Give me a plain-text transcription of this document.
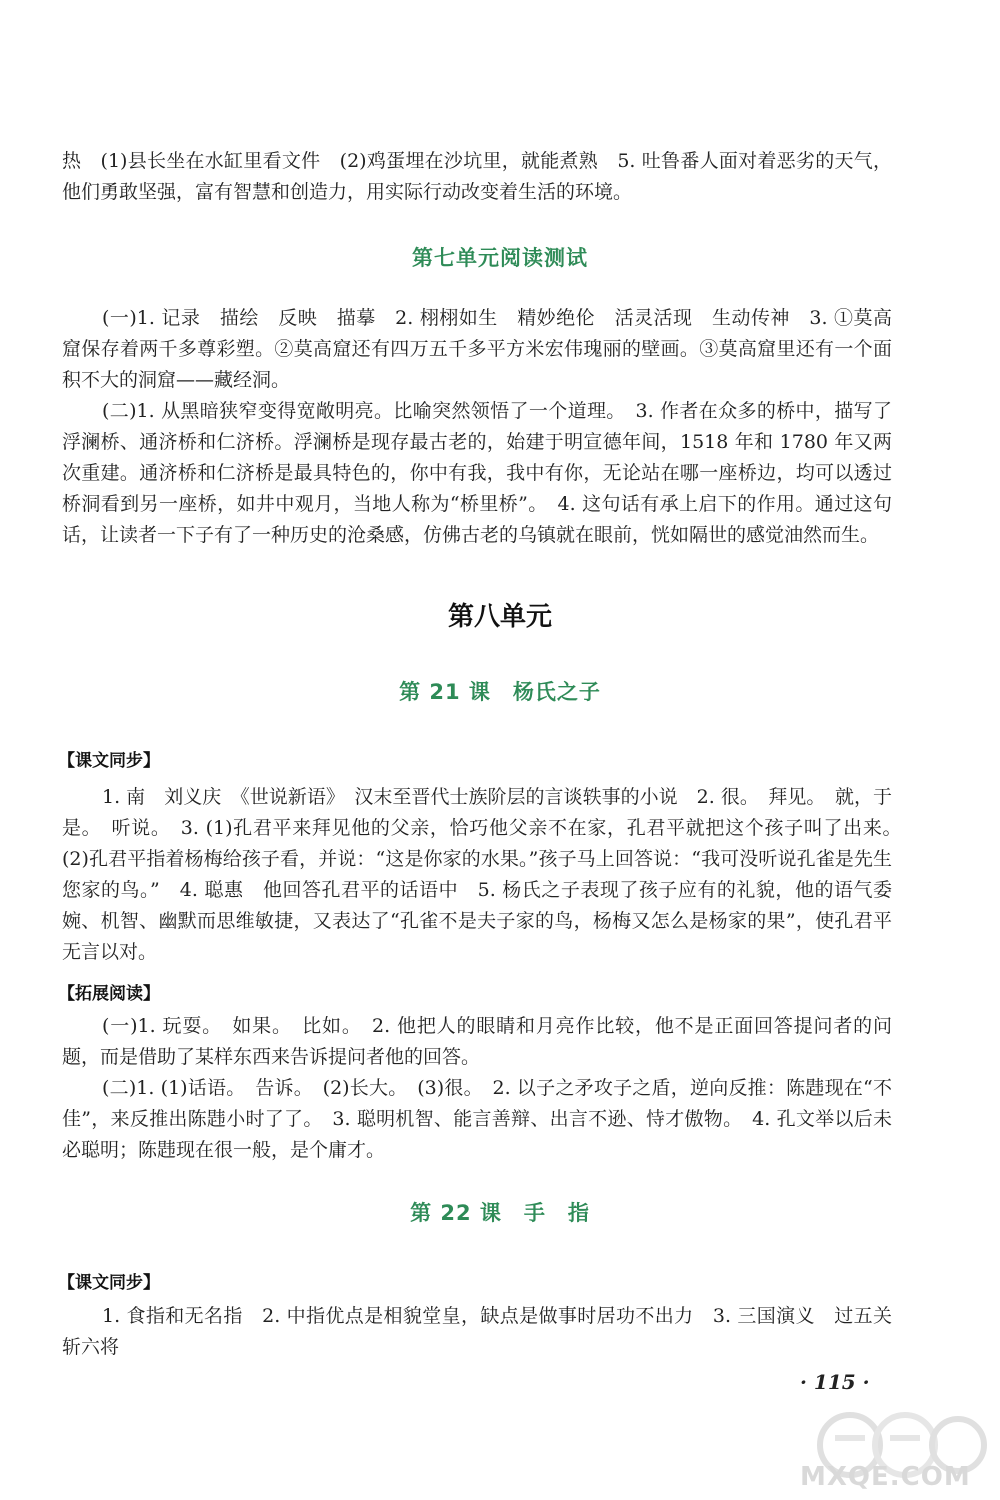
热　(1)县长坐在水缸里看文件　(2)鸡蛋埋在沙坑里，就能煮熟　5. 吐鲁番人面对着恶劣的天气，他们勇敢坚强，富有智慧和创造力，用实际行动改变着生活的环境。

第七单元阅读测试

(一)1. 记录　描绘　反映　描摹　2. 栩栩如生　精妙绝伦　活灵活现　生动传神　3. ①莫高窟保存着两千多尊彩塑。②莫高窟还有四万五千多平方米宏伟瑰丽的壁画。③莫高窟里还有一个面积不大的洞窟——藏经洞。

(二)1. 从黑暗狭窄变得宽敞明亮。比喻突然领悟了一个道理。　3. 作者在众多的桥中，描写了浮澜桥、通济桥和仁济桥。浮澜桥是现存最古老的，始建于明宣德年间，1518 年和 1780 年又两次重建。通济桥和仁济桥是最具特色的，你中有我，我中有你，无论站在哪一座桥边，均可以透过桥洞看到另一座桥，如井中观月，当地人称为“桥里桥”。　4. 这句话有承上启下的作用。通过这句话，让读者一下子有了一种历史的沧桑感，仿佛古老的乌镇就在眼前，恍如隔世的感觉油然而生。

第八单元
第 21 课　杨氏之子
【课文同步】

1. 南　刘义庆　《世说新语》　汉末至晋代士族阶层的言谈轶事的小说　2. 很。　拜见。　就，于是。　听说。　3. (1)孔君平来拜见他的父亲，恰巧他父亲不在家，孔君平就把这个孩子叫了出来。　(2)孔君平指着杨梅给孩子看，并说：“这是你家的水果。”孩子马上回答说：“我可没听说孔雀是先生您家的鸟。”　4. 聪惠　他回答孔君平的话语中　5. 杨氏之子表现了孩子应有的礼貌，他的语气委婉、机智、幽默而思维敏捷，又表达了“孔雀不是夫子家的鸟，杨梅又怎么是杨家的果”，使孔君平无言以对。

【拓展阅读】

(一)1. 玩耍。　如果。　比如。　2. 他把人的眼睛和月亮作比较，他不是正面回答提问者的问题，而是借助了某样东西来告诉提问者他的回答。

(二)1. (1)话语。　告诉。　(2)长大。　(3)很。　2. 以子之矛攻子之盾，逆向反推：陈韪现在“不佳”，来反推出陈韪小时了了。　3. 聪明机智、能言善辩、出言不逊、恃才傲物。　4. 孔文举以后未必聪明；陈韪现在很一般，是个庸才。

第 22 课　手　指
【课文同步】

1. 食指和无名指　2. 中指优点是相貌堂皇，缺点是做事时居功不出力　3. 三国演义　过五关斩六将

· 115 ·
MXQE.COM
